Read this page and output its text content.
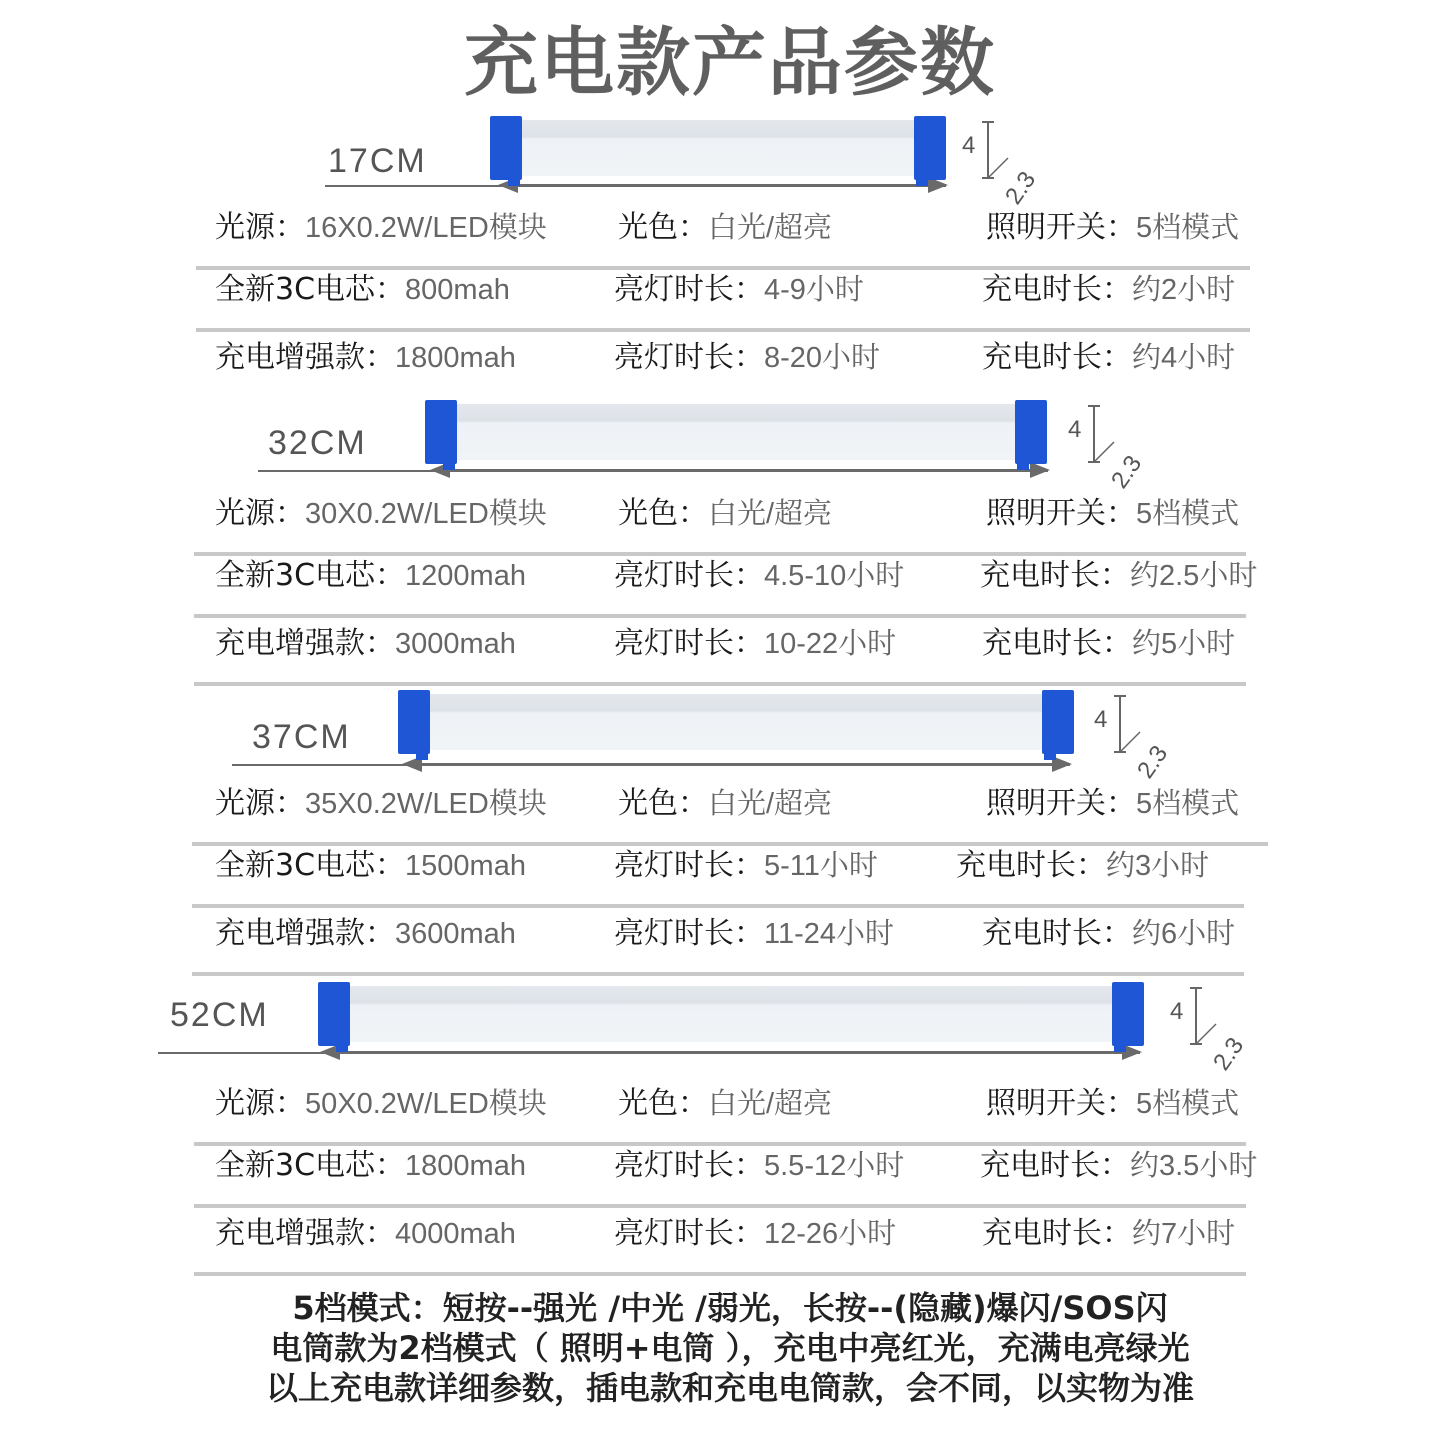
充电款产品参数
17CM	4
2.3
光源：16X0.2W/LED模块 光色：白光/超亮	照明开关：5档模式
全新3C电芯：800mah	亮灯时长：4-9小时	充电时长：约2小时
充电增强款：1800mah	亮灯时长：8-20小时	充电时长：约4小时
32CM	4
2.3
光源：30X0.2W/LED模块 光色：白光/超亮	照明开关：5档模式
全新3C电芯：1200mah	亮灯时长：4.5-10小时	充电时长：约2.5小时
充电增强款：3000mah	亮灯时长：10-22小时	充电时长：约5小时
37CM	4
2.3
光源：35X0.2W/LED模块 光色：白光/超亮	照明开关：5档模式
全新3C电芯：1500mah	亮灯时长：5-11小时	充电时长：约3小时
充电增强款：3600mah	亮灯时长：11-24小时	充电时长：约6小时
52CM	4
2.3
光源：50X0.2W/LED模块 光色：白光/超亮	照明开关：5档模式
全新3C电芯：1800mah	亮灯时长：5.5-12小时	充电时长：约3.5小时
充电增强款：4000mah	亮灯时长：12-26小时	充电时长：约7小时
5档模式：短按--强光 /中光 /弱光，长按--(隐藏)爆闪/SOS闪
电筒款为2档模式（ 照明+电筒 ），充电中亮红光，充满电亮绿光
以上充电款详细参数，插电款和充电电筒款，会不同，以实物为准
